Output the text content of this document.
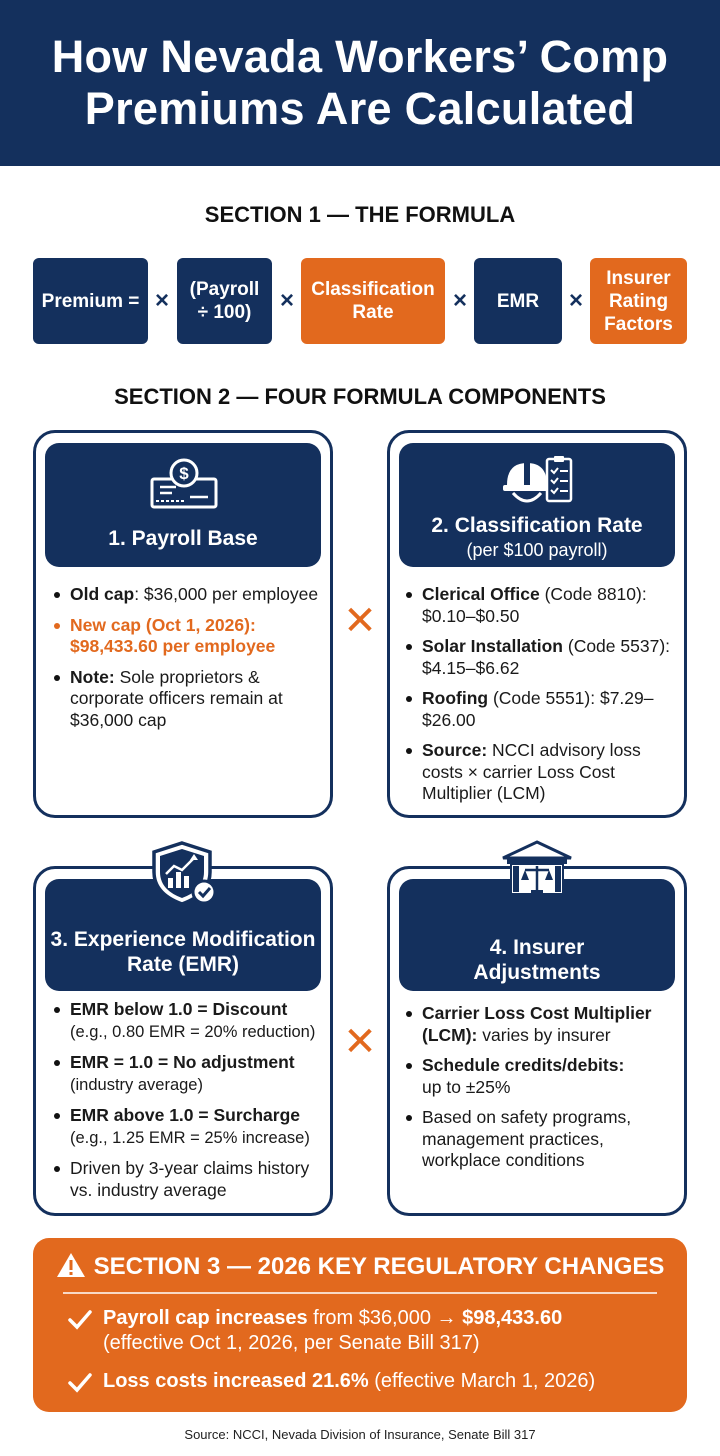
How Nevada Workers’ Comp
Premiums Are Calculated
SECTION 1 — THE FORMULA
Premium = × (Payroll
÷ 100)	× Classification
Rate	× EMR ×
Insurer
Rating
Factors
SECTION 2 — FOUR FORMULA COMPONENTS
$
1. Payroll Base
Old cap: $36,000 per employee
New cap (Oct 1, 2026): $98,433.60 per employee
Note: Sole proprietors & corporate officers remain at $36,000 cap
2. Classification Rate
(per $100 payroll)
Clerical Office (Code 8810): $0.10–$0.50
Solar Installation (Code 5537): $4.15–$6.62
Roofing (Code 5551): $7.29–$26.00
Source: NCCI advisory loss costs × carrier Loss Cost Multiplier (LCM)
✕
3. Experience Modification
Rate (EMR)
EMR below 1.0 = Discount
(e.g., 0.80 EMR = 20% reduction)
EMR = 1.0 = No adjustment
(industry average)
EMR above 1.0 = Surcharge
(e.g., 1.25 EMR = 25% increase)
Driven by 3-year claims history vs. industry average
4. Insurer
Adjustments
Carrier Loss Cost Multiplier (LCM): varies by insurer
Schedule credits/debits:
up to ±25%
Based on safety programs, management practices, workplace conditions
✕
SECTION 3 — 2026 KEY REGULATORY CHANGES
Payroll cap increases from $36,000 → $98,433.60
(effective Oct 1, 2026, per Senate Bill 317)
Loss costs increased 21.6% (effective March 1, 2026)
Source: NCCI, Nevada Division of Insurance, Senate Bill 317
